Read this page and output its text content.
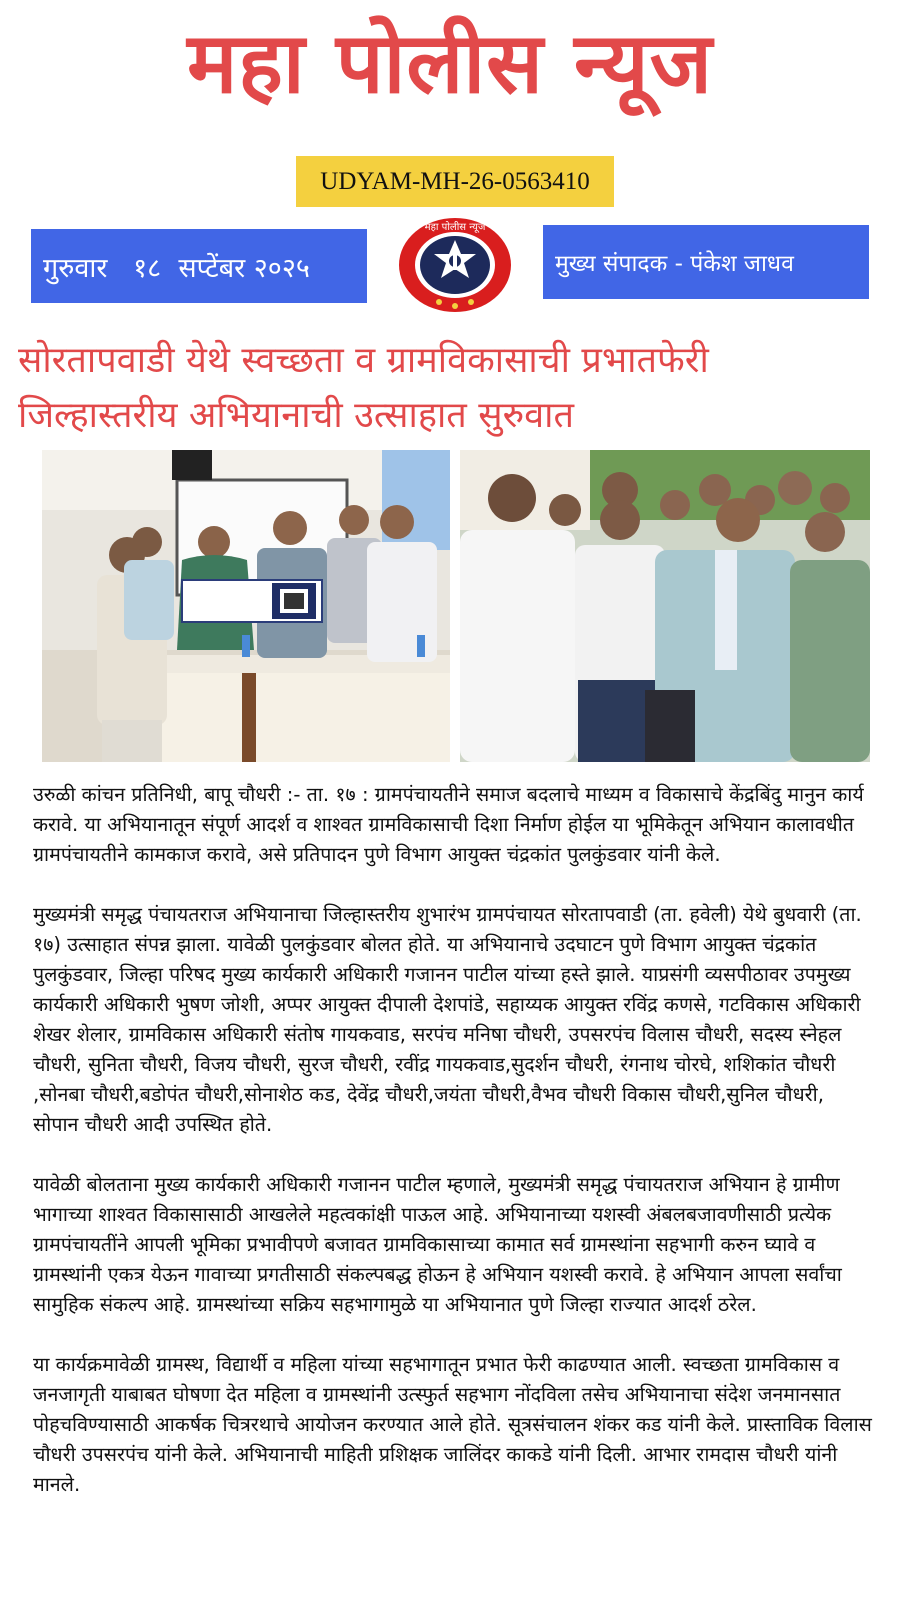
महा पोलीस न्यूज
UDYAM-MH-26-0563410
गुरुवार   १८  सप्टेंबर २०२५
महा पोलीस न्यूज
मुख्य संपादक - पंकेश जाधव
सोरतापवाडी येथे स्वच्छता व ग्रामविकासाची प्रभातफेरी
जिल्हास्तरीय अभियानाची उत्साहात सुरुवात

उरुळी कांचन प्रतिनिधी, बापू चौधरी :- ता. १७ : ग्रामपंचायतीने समाज बदलाचे माध्यम व विकासाचे केंद्रबिंदु मानुन कार्य करावे. या अभियानातून संपूर्ण आदर्श व शाश्वत ग्रामविकासाची दिशा निर्माण होईल या भूमिकेतून अभियान कालावधीत ग्रामपंचायतीने कामकाज करावे, असे प्रतिपादन पुणे विभाग आयुक्त चंद्रकांत पुलकुंडवार यांनी केले.

मुख्यमंत्री समृद्ध पंचायतराज अभियानाचा जिल्हास्तरीय शुभारंभ ग्रामपंचायत सोरतापवाडी (ता. हवेली) येथे बुधवारी (ता. १७) उत्साहात संपन्न झाला. यावेळी पुलकुंडवार बोलत होते. या अभियानाचे उदघाटन पुणे विभाग आयुक्त चंद्रकांत पुलकुंडवार, जिल्हा परिषद मुख्य कार्यकारी अधिकारी गजानन पाटील यांच्या हस्ते झाले. याप्रसंगी व्यसपीठावर उपमुख्य कार्यकारी अधिकारी भुषण जोशी, अप्पर आयुक्त दीपाली देशपांडे, सहाय्यक आयुक्त रविंद्र कणसे, गटविकास अधिकारी शेखर शेलार, ग्रामविकास अधिकारी संतोष गायकवाड, सरपंच मनिषा चौधरी, उपसरपंच विलास चौधरी, सदस्य स्नेहल चौधरी, सुनिता चौधरी, विजय चौधरी, सुरज चौधरी, रवींद्र गायकवाड,सुदर्शन चौधरी, रंगनाथ चोरघे, शशिकांत चौधरी ,सोनबा चौधरी,बडोपंत चौधरी,सोनाशेठ कड, देवेंद्र चौधरी,जयंता चौधरी,वैभव चौधरी विकास चौधरी,सुनिल चौधरी, सोपान चौधरी आदी उपस्थित होते.

यावेळी बोलताना मुख्य कार्यकारी अधिकारी गजानन पाटील म्हणाले, मुख्यमंत्री समृद्ध पंचायतराज अभियान हे ग्रामीण भागाच्या शाश्वत विकासासाठी आखलेले महत्वकांक्षी पाऊल आहे. अभियानाच्या यशस्वी अंबलबजावणीसाठी प्रत्येक ग्रामपंचायतींने आपली भूमिका प्रभावीपणे बजावत ग्रामविकासाच्या कामात सर्व ग्रामस्थांना सहभागी करुन घ्यावे व ग्रामस्थांनी एकत्र येऊन गावाच्या प्रगतीसाठी संकल्पबद्ध होऊन हे अभियान यशस्वी करावे. हे अभियान आपला सर्वांचा सामुहिक संकल्प आहे. ग्रामस्थांच्या सक्रिय सहभागामुळे या अभियानात पुणे जिल्हा राज्यात आदर्श ठरेल.

या कार्यक्रमावेळी ग्रामस्थ, विद्यार्थी व महिला यांच्या सहभागातून प्रभात फेरी काढण्यात आली. स्वच्छता ग्रामविकास व जनजागृती याबाबत घोषणा देत महिला व ग्रामस्थांनी उत्स्फुर्त सहभाग नोंदविला तसेच अभियानाचा संदेश जनमानसात पोहचविण्यासाठी आकर्षक चित्ररथाचे आयोजन करण्यात आले होते. सूत्रसंचालन शंकर कड यांनी केले. प्रास्ताविक विलास चौधरी उपसरपंच यांनी केले. अभियानाची माहिती प्रशिक्षक जालिंदर काकडे यांनी दिली. आभार रामदास चौधरी यांनी मानले.
